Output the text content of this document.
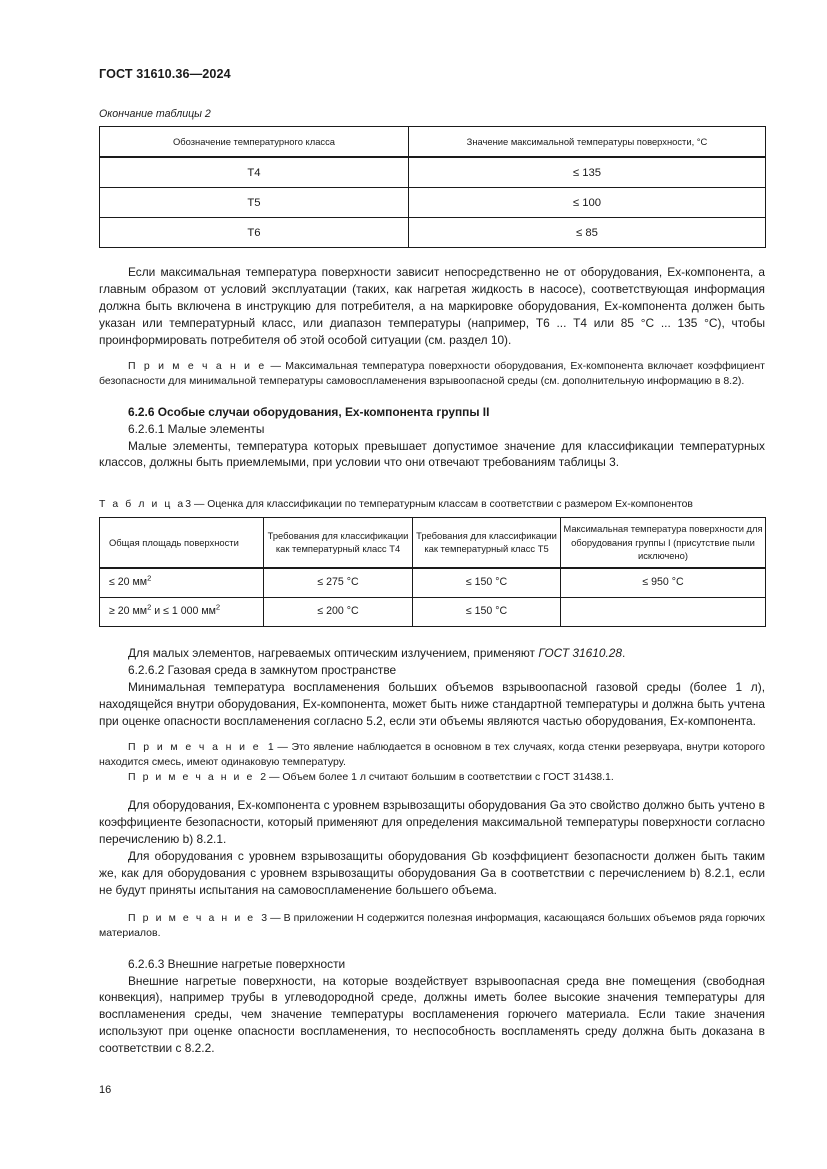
ГОСТ 31610.36—2024
Окончание таблицы 2
Обозначение температурного класса	Значение максимальной температуры поверхности, °С
T4	≤ 135
T5	≤ 100
T6	≤ 85

Если максимальная температура поверхности зависит непосредственно не от оборудования, Ех-компонента, а главным образом от условий эксплуатации (таких, как нагретая жидкость в насосе), соответствующая информация должна быть включена в инструкцию для потребителя, а на маркировке оборудования, Ех-компонента должен быть указан или температурный класс, или диапазон температуры (например, Т6 ... Т4 или 85 °С ... 135 °С), чтобы проинформировать потребителя об этой особой ситуации (см. раздел 10).

П р и м е ч а н и е — Максимальная температура поверхности оборудования, Ех-компонента включает коэффициент безопасности для минимальной температуры самовоспламенения взрывоопасной среды (см. дополнительную информацию в 8.2).

6.2.6 Особые случаи оборудования, Ех-компонента группы II

6.2.6.1 Малые элементы

Малые элементы, температура которых превышает допустимое значение для классификации температурных классов, должны быть приемлемыми, при условии что они отвечают требованиям таблицы 3.

Т а б л и ц а3 — Оценка для классификации по температурным классам в соответствии с размером Ех-компонентов
Общая площадь поверхности	Требования для классификации как температурный класс Т4	Требования для классификации как температурный класс Т5	Максимальная температура поверхности для оборудования группы I (присутствие пыли исключено)
≤ 20 $мм^2$	≤ 275 °С	≤ 150 °С	≤ 950 °С
≥ 20 $мм^2$ и ≤ 1 000 $мм^2$	≤ 200 °С	≤ 150 °С	

Для малых элементов, нагреваемых оптическим излучением, применяют ГОСТ 31610.28.

6.2.6.2 Газовая среда в замкнутом пространстве

Минимальная температура воспламенения больших объемов взрывоопасной газовой среды (более 1 л), находящейся внутри оборудования, Ех-компонента, может быть ниже стандартной температуры и должна быть учтена при оценке опасности воспламенения согласно 5.2, если эти объемы являются частью оборудования, Ех-компонента.

П р и м е ч а н и е 1 — Это явление наблюдается в основном в тех случаях, когда стенки резервуара, внутри которого находится смесь, имеют одинаковую температуру.

П р и м е ч а н и е 2 — Объем более 1 л считают большим в соответствии с ГОСТ 31438.1.

Для оборудования, Ех-компонента с уровнем взрывозащиты оборудования Ga это свойство должно быть учтено в коэффициенте безопасности, который применяют для определения максимальной температуры поверхности согласно перечислению b) 8.2.1.

Для оборудования с уровнем взрывозащиты оборудования Gb коэффициент безопасности должен быть таким же, как для оборудования с уровнем взрывозащиты оборудования Ga в соответствии с перечислением b) 8.2.1, если не будут приняты испытания на самовоспламенение большего объема.

П р и м е ч а н и е 3 — В приложении Н содержится полезная информация, касающаяся больших объемов ряда горючих материалов.

6.2.6.3 Внешние нагретые поверхности

Внешние нагретые поверхности, на которые воздействует взрывоопасная среда вне помещения (свободная конвекция), например трубы в углеводородной среде, должны иметь более высокие значения температуры для воспламенения среды, чем значение температуры воспламенения горючего материала. Если такие значения используют при оценке опасности воспламенения, то неспособность воспламенять среду должна быть доказана в соответствии с 8.2.2.

16
